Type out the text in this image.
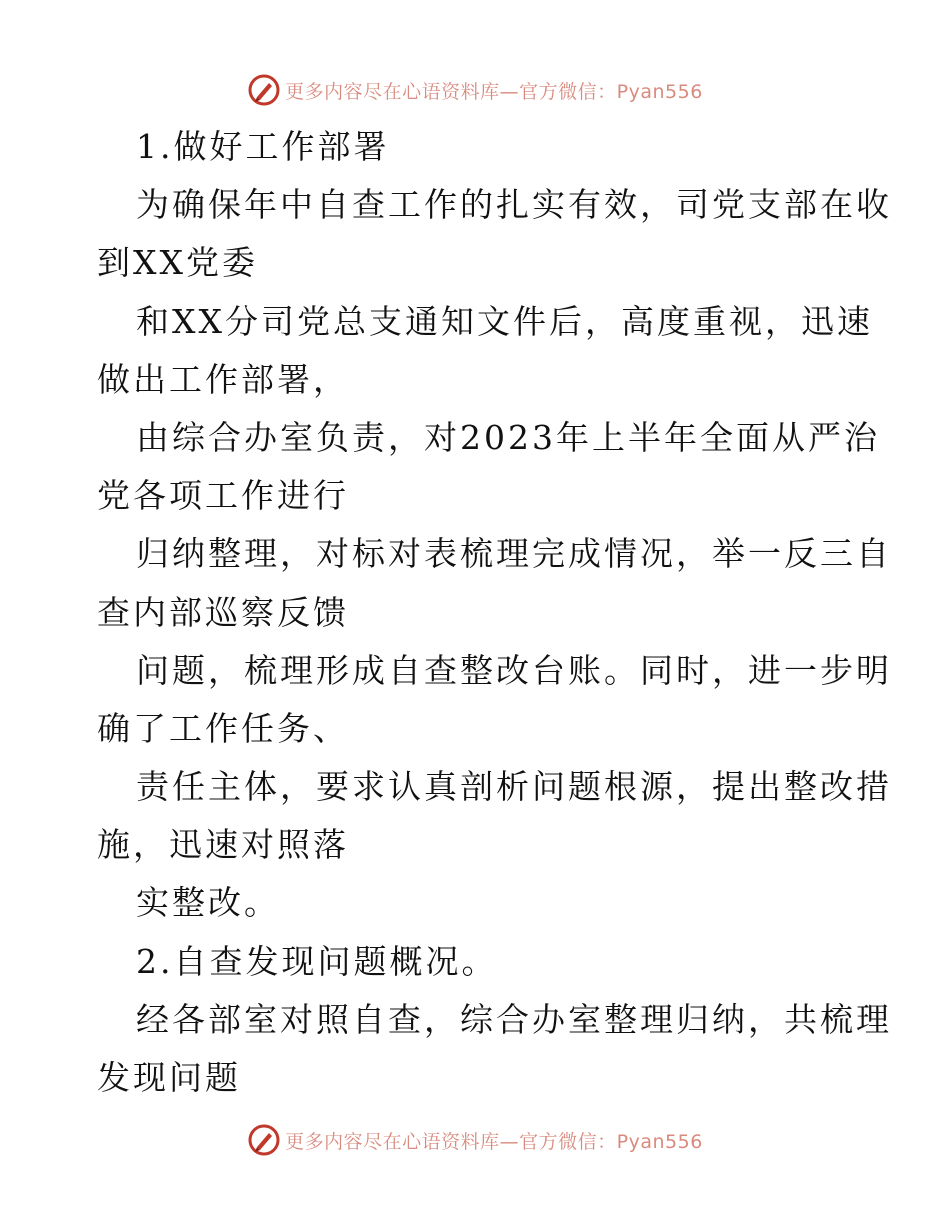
更多内容尽在心语资料库—官方微信：Pyan556
1.做好工作部署
为确保年中自查工作的扎实有效，司党支部在收
到XX党委
和XX分司党总支通知文件后，高度重视，迅速
做出工作部署，
由综合办室负责，对2023年上半年全面从严治
党各项工作进行
归纳整理，对标对表梳理完成情况，举一反三自
查内部巡察反馈
问题，梳理形成自查整改台账。同时，进一步明
确了工作任务、
责任主体，要求认真剖析问题根源，提出整改措
施，迅速对照落
实整改。
2.自查发现问题概况。
经各部室对照自查，综合办室整理归纳，共梳理
发现问题
更多内容尽在心语资料库—官方微信：Pyan556
